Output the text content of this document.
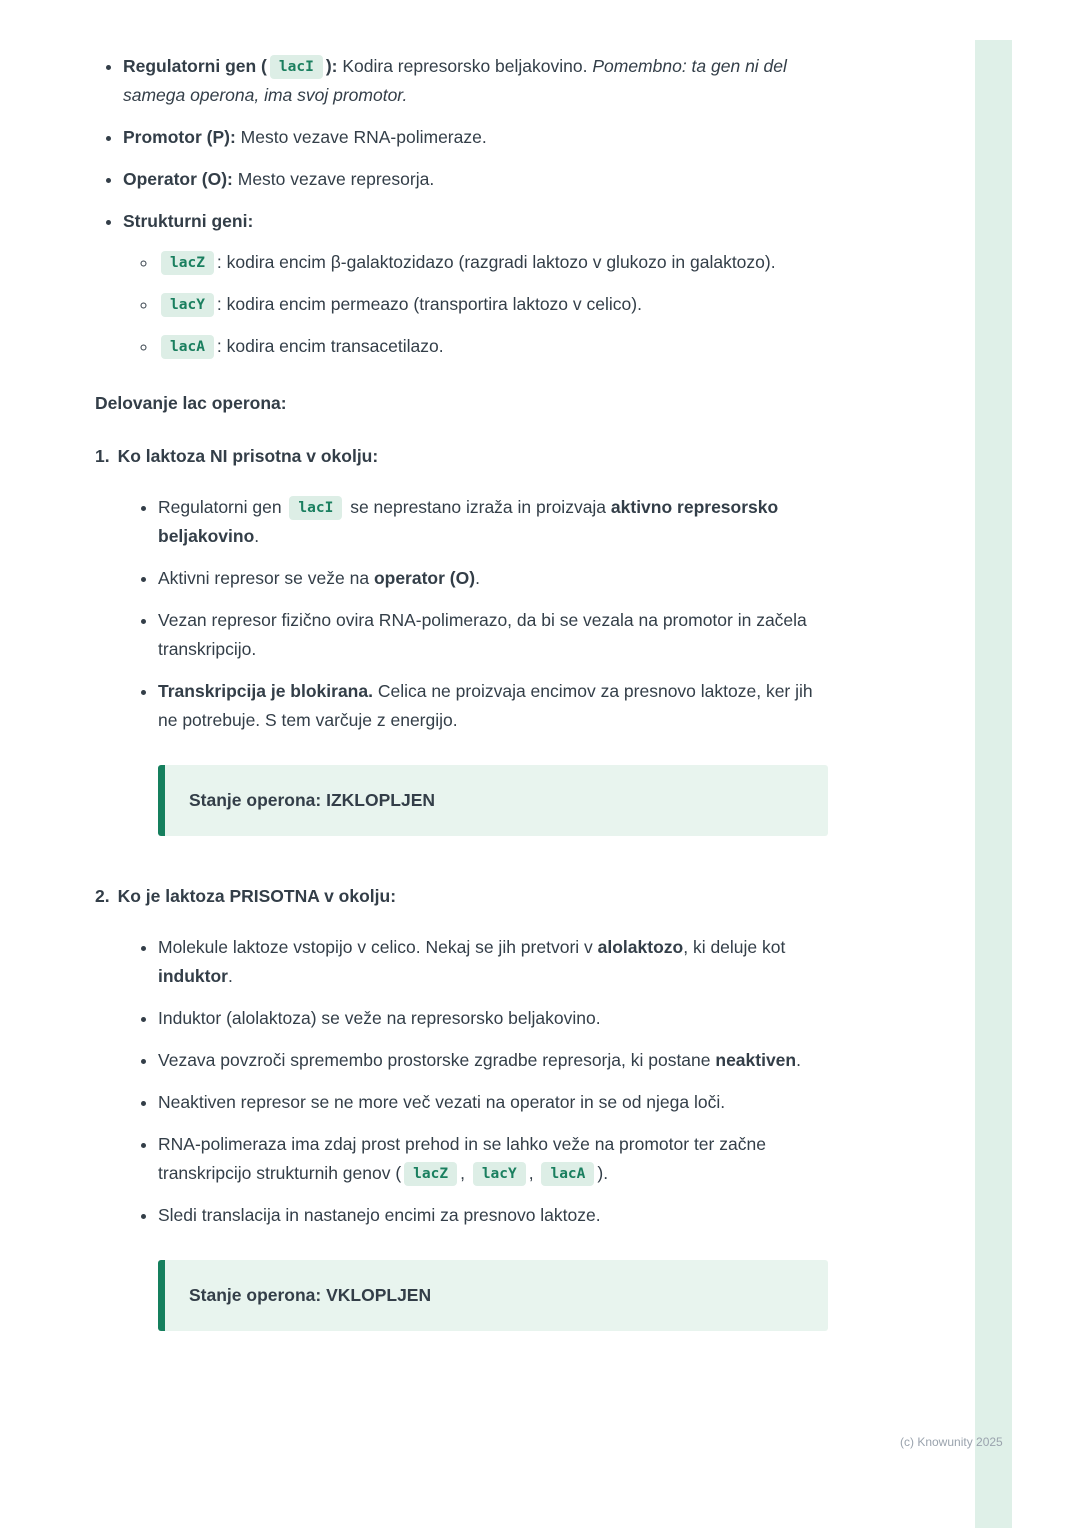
• Regulatorni gen ( lacI ): Kodira represorsko beljakovino. Pomembno: ta gen ni del samega operona, ima svoj promotor.
• Promotor (P): Mesto vezave RNA-polimeraze.
• Operator (O): Mesto vezave represorja.
• Strukturni geni:
◦ lacZ : kodira encim β-galaktozidazo (razgradi laktozo v glukozo in galaktozo).
◦ lacY : kodira encim permeazo (transportira laktozo v celico).
◦ lacA : kodira encim transacetilazo.

Delovanje lac operona:

1. Ko laktoza NI prisotna v okolju:
• Regulatorni gen lacI se neprestano izraža in proizvaja aktivno represorsko beljakovino.
• Aktivni represor se veže na operator (O).
• Vezan represor fizično ovira RNA-polimerazo, da bi se vezala na promotor in začela transkripcijo.
• Transkripcija je blokirana. Celica ne proizvaja encimov za presnovo laktoze, ker jih ne potrebuje. S tem varčuje z energijo.
Stanje operona: IZKLOPLJEN
2. Ko je laktoza PRISOTNA v okolju:
• Molekule laktoze vstopijo v celico. Nekaj se jih pretvori v alolaktozo, ki deluje kot induktor.
• Induktor (alolaktoza) se veže na represorsko beljakovino.
• Vezava povzroči spremembo prostorske zgradbe represorja, ki postane neaktiven.
• Neaktiven represor se ne more več vezati na operator in se od njega loči.
• RNA-polimeraza ima zdaj prost prehod in se lahko veže na promotor ter začne transkripcijo strukturnih genov ( lacZ , lacY , lacA ).
• Sledi translacija in nastanejo encimi za presnovo laktoze.
Stanje operona: VKLOPLJEN
(c) Knowunity 2025
